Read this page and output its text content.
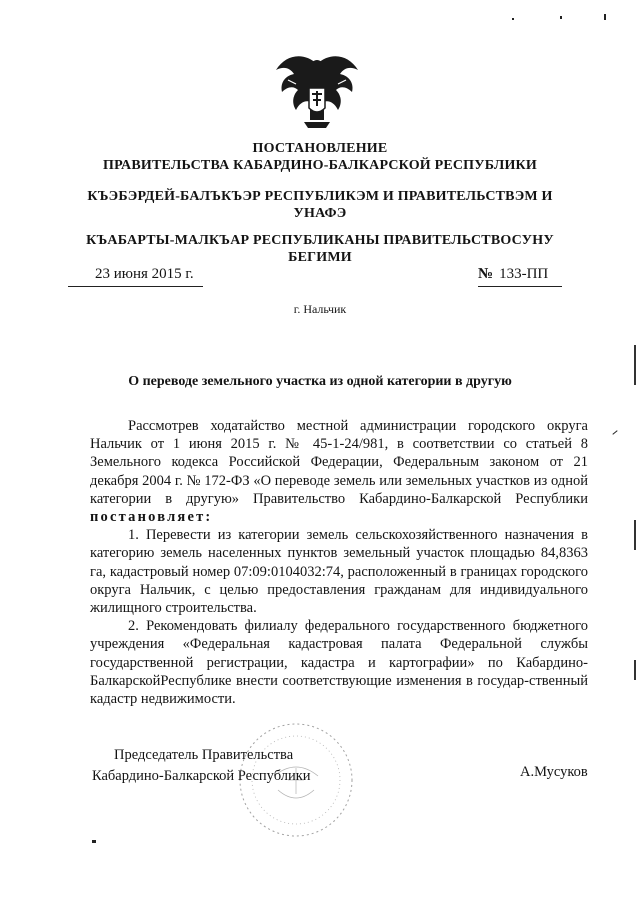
ПОСТАНОВЛЕНИЕ
ПРАВИТЕЛЬСТВА КАБАРДИНО-БАЛКАРСКОЙ РЕСПУБЛИКИ
КЪЭБЭРДЕЙ-БАЛЪКЪЭР РЕСПУБЛИКЭМ И ПРАВИТЕЛЬСТВЭМ И
УНАФЭ
КЪАБАРТЫ-МАЛКЪАР РЕСПУБЛИКАНЫ ПРАВИТЕЛЬСТВОСУНУ
БЕГИМИ
23 июня 2015 г.	№ 133-ПП
г. Нальчик
О переводе земельного участка из одной категории в другую

Рассмотрев ходатайство местной администрации городского округа Нальчик от 1 июня 2015 г. № 45-1-24/981, в соответствии со статьей 8 Земельного кодекса Российской Федерации, Федеральным законом от 21 декабря 2004 г. № 172-ФЗ «О переводе земель или земельных участков из одной категории в другую» Правительство Кабардино-Балкарской Республики постановляет:

1. Перевести из категории земель сельскохозяйственного назначения в категорию земель населенных пунктов земельный участок площадью 84,8363 га, кадастровый номер 07:09:0104032:74, расположенный в границах городского округа Нальчик, с целью предоставления гражданам для индивидуального жилищного строительства.

2. Рекомендовать филиалу федерального государственного бюджетного учреждения «Федеральная кадастровая палата Федеральной службы государственной регистрации, кадастра и картографии» по Кабардино-БалкарскойРеспублике внести соответствующие изменения в государ-ственный кадастр недвижимости.

Председатель Правительства
Кабардино-Балкарской Республики	А.Мусуков
